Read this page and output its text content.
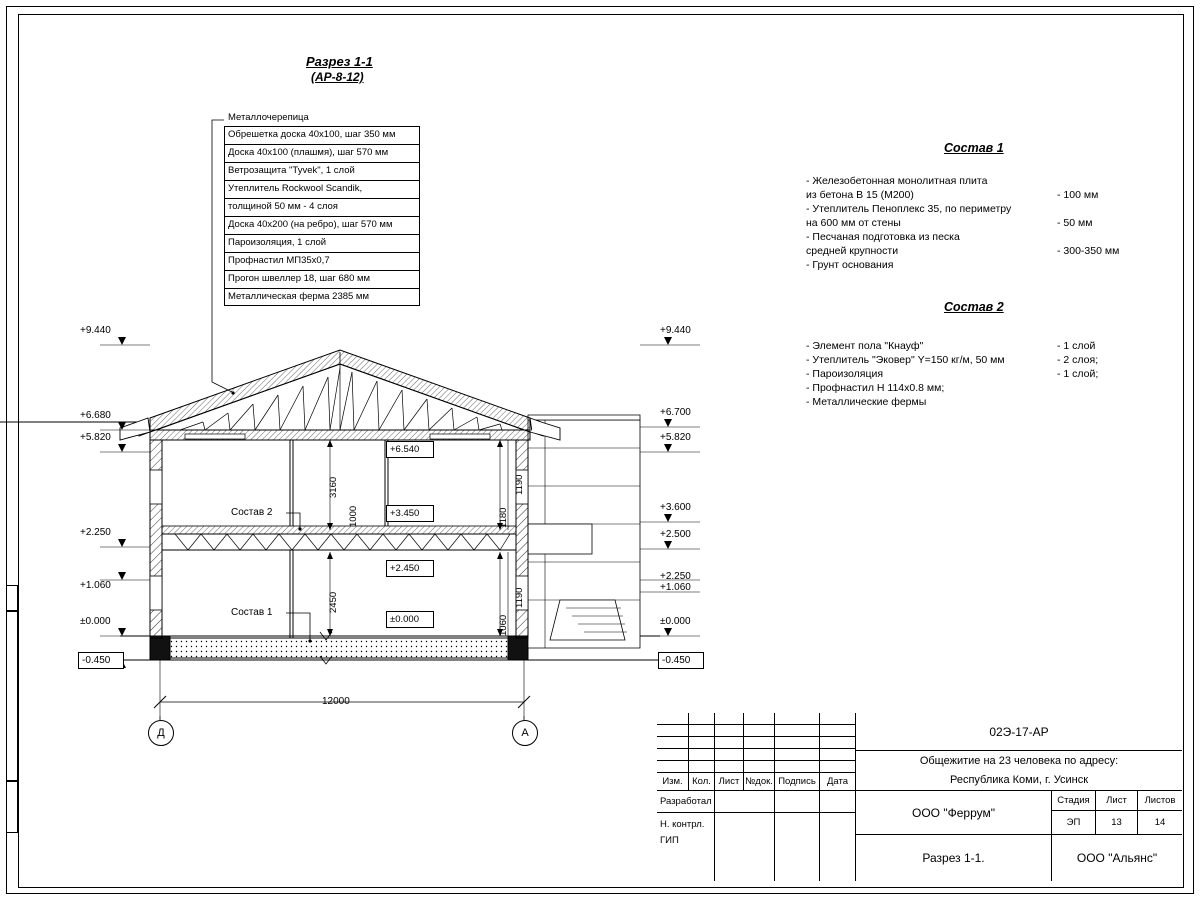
Разрез 1-1
(АР-8-12)
Металлочерепица
Обрешетка доска 40х100, шаг 350 мм
Доска 40х100 (плашмя), шаг 570 мм
Ветрозащита "Tyvek", 1 слой
Утеплитель Rockwool Scandik,
толщиной 50 мм - 4 слоя
Доска 40х200 (на ребро), шаг 570 мм
Пароизоляция, 1 слой
Профнастил МП35х0,7
Прогон швеллер 18, шаг 680 мм
Металлическая ферма 2385 мм
Состав 1
- Железобетонная монолитная плита
из бетона В 15 (М200)	- 100 мм
- Утеплитель Пеноплекс 35, по периметру
на 600 мм от стены	- 50 мм
- Песчаная подготовка из песка
средней крупности	- 300-350 мм
- Грунт основания
Состав 2
- Элемент пола "Кнауф"	- 1 слой
- Утеплитель "Эковер" Y=150 кг/м, 50 мм	- 2 слоя;
- Пароизоляция	- 1 слой;
- Профнастил Н 114х0.8 мм;
- Металлические фермы
+9.440
+6.680
+5.820
+2.250
+1.060
±0.000
-0.450
+9.440
+6.700
+5.820
+3.600
+2.500
+2.250
+1.060
±0.000
-0.450
+6.540
+3.450
+2.450
±0.000
3160
1000
2450
1190
1180
1190
1060
Состав 2
Состав 1
12000
Д	А
Изм. Кол. Лист №док. Подпись	Дата
Разработал
Н. контрл.
ГИП
02Э-17-АР
Общежитие на 23 человека по адресу:
Республика Коми, г. Усинск
ООО "Феррум"
Стадия	Лист	Листов
ЭП	13	14
Разрез 1-1.	ООО "Альянс"
